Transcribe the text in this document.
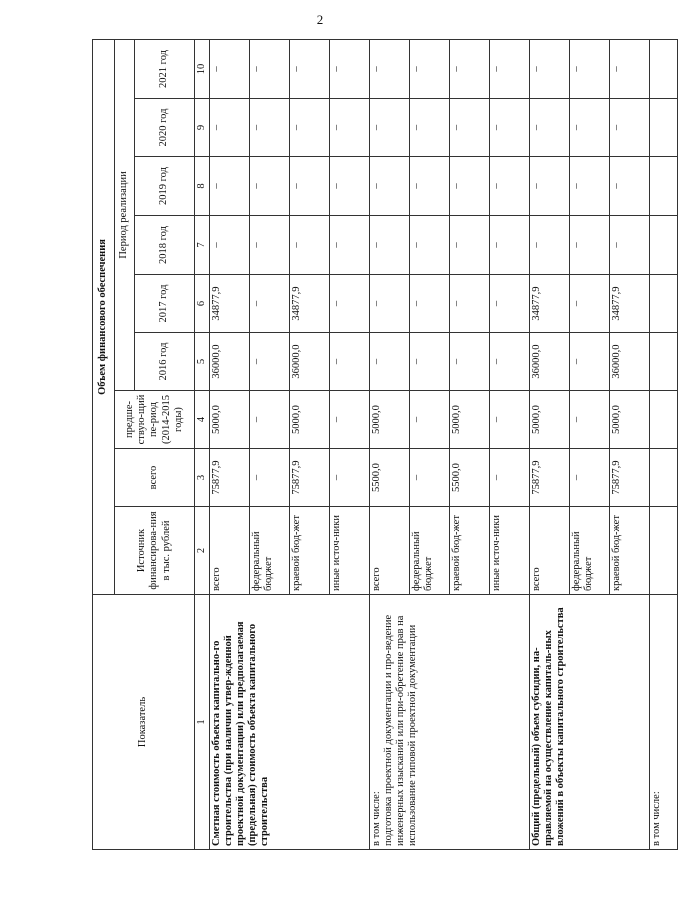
2
Показатель	Объем финансового обеспечения								
	Источник финансирова-ния в тыс. рублей	всего	предше-ствую-щий пе-риод (2014-2015 годы)	Период реализации					
				2016 год	2017 год	2018 год	2019 год	2020 год	2021 год
1	2	3	4	5	6	7	8	9	10
Сметная стоимость объекта капитально-го строительства (при наличии утвер-жденной проектной документации) или предполагаемая (предельная) стоимость объекта капитального строительства	всего	75877,9	5000,0	36000,0	34877,9	–	–	–	–
	федеральный бюджет	–	–	–	–	–	–	–	–
	краевой бюд-жет	75877,9	5000,0	36000,0	34877,9	–	–	–	–
	иные источ-ники	–	–	–	–	–	–	–	–
в том числе:
подготовка проектной документации и про-ведение инженерных изысканий или при-обретение прав на использование типовой проектной документации	всего	5500,0	5000,0	–	–	–	–	–	–
	федеральный бюджет	–	–	–	–	–	–	–	–
	краевой бюд-жет	5500,0	5000,0	–	–	–	–	–	–
	иные источ-ники	–	–	–	–	–	–	–	–
Общий (предельный) объем субсидии, на-правляемой на осуществление капиталь-ных вложений в объекты капитального строительства	всего	75877,9	5000,0	36000,0	34877,9	–	–	–	–
	федеральный бюджет	–	–	–	–	–	–	–	–
	краевой бюд-жет	75877,9	5000,0	36000,0	34877,9	–	–	–	–
в том числе:									
